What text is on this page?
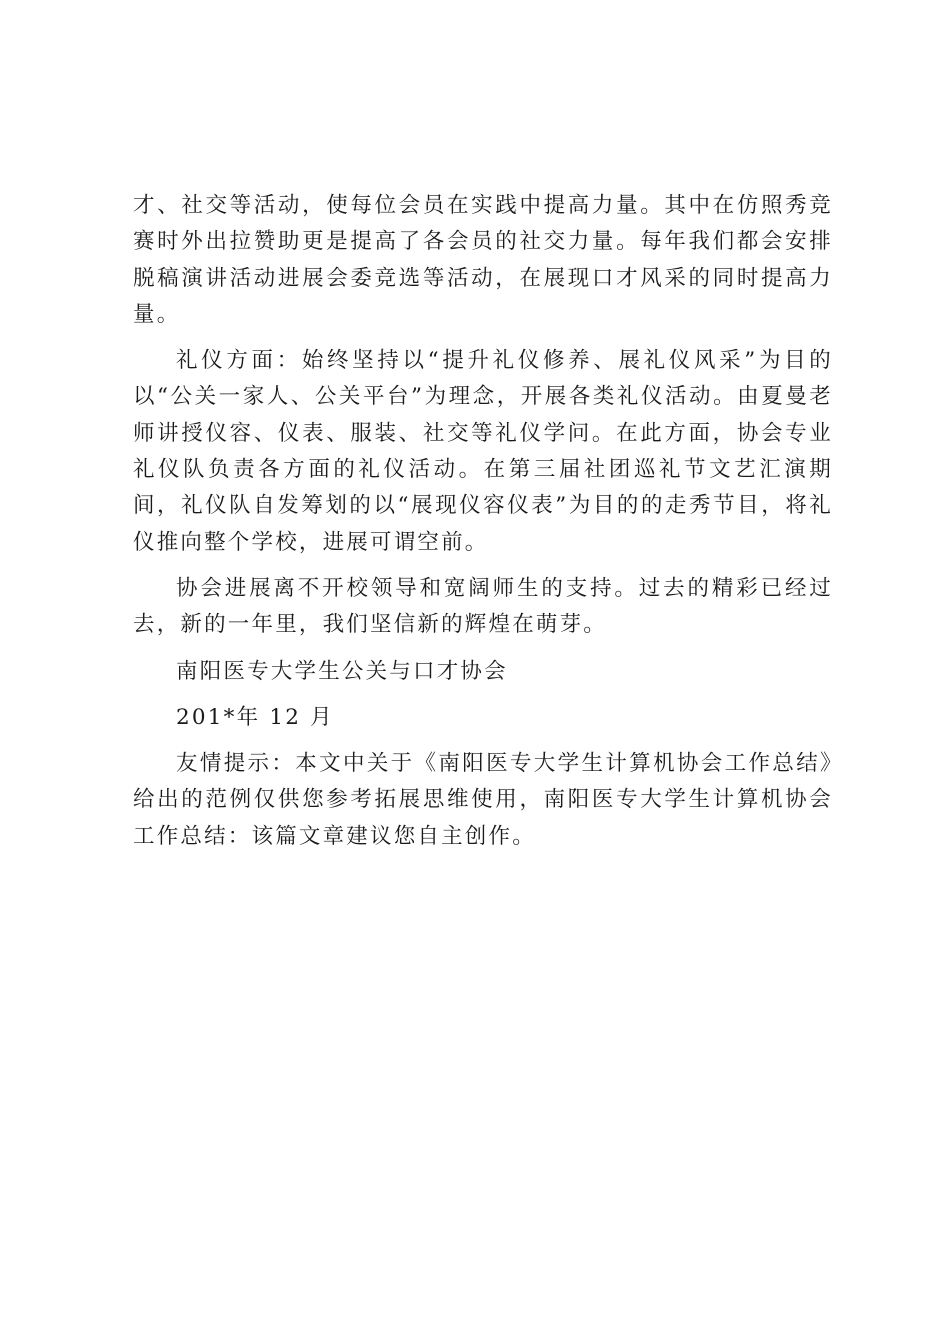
才、社交等活动，使每位会员在实践中提高力量。其中在仿照秀竞赛时外出拉赞助更是提高了各会员的社交力量。每年我们都会安排脱稿演讲活动进展会委竞选等活动，在展现口才风采的同时提高力量。

礼仪方面：始终坚持以“提升礼仪修养、展礼仪风采”为目的以“公关一家人、公关平台”为理念，开展各类礼仪活动。由夏曼老师讲授仪容、仪表、服装、社交等礼仪学问。在此方面，协会专业礼仪队负责各方面的礼仪活动。在第三届社团巡礼节文艺汇演期间，礼仪队自发筹划的以“展现仪容仪表”为目的的走秀节目，将礼仪推向整个学校，进展可谓空前。

协会进展离不开校领导和宽阔师生的支持。过去的精彩已经过去，新的一年里，我们坚信新的辉煌在萌芽。

南阳医专大学生公关与口才协会

201*年 12 月

友情提示：本文中关于《南阳医专大学生计算机协会工作总结》给出的范例仅供您参考拓展思维使用，南阳医专大学生计算机协会工作总结：该篇文章建议您自主创作。
